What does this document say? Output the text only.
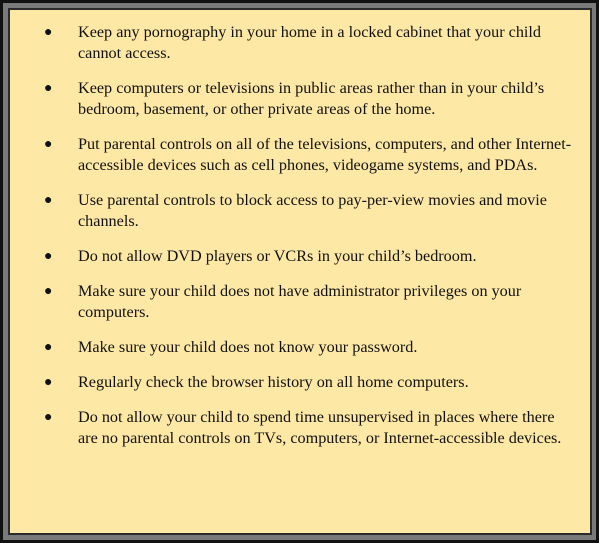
● Keep any pornography in your home in a locked cabinet that your child cannot access.
● Keep computers or televisions in public areas rather than in your child’s bedroom, basement, or other private areas of the home.
● Put parental controls on all of the televisions, computers, and other Internet-accessible devices such as cell phones, videogame systems, and PDAs.
● Use parental controls to block access to pay-per-view movies and movie channels.
● Do not allow DVD players or VCRs in your child’s bedroom.
● Make sure your child does not have administrator privileges on your computers.
● Make sure your child does not know your password.
● Regularly check the browser history on all home computers.
● Do not allow your child to spend time unsupervised in places where there are no parental controls on TVs, computers, or Internet-accessible devices.
